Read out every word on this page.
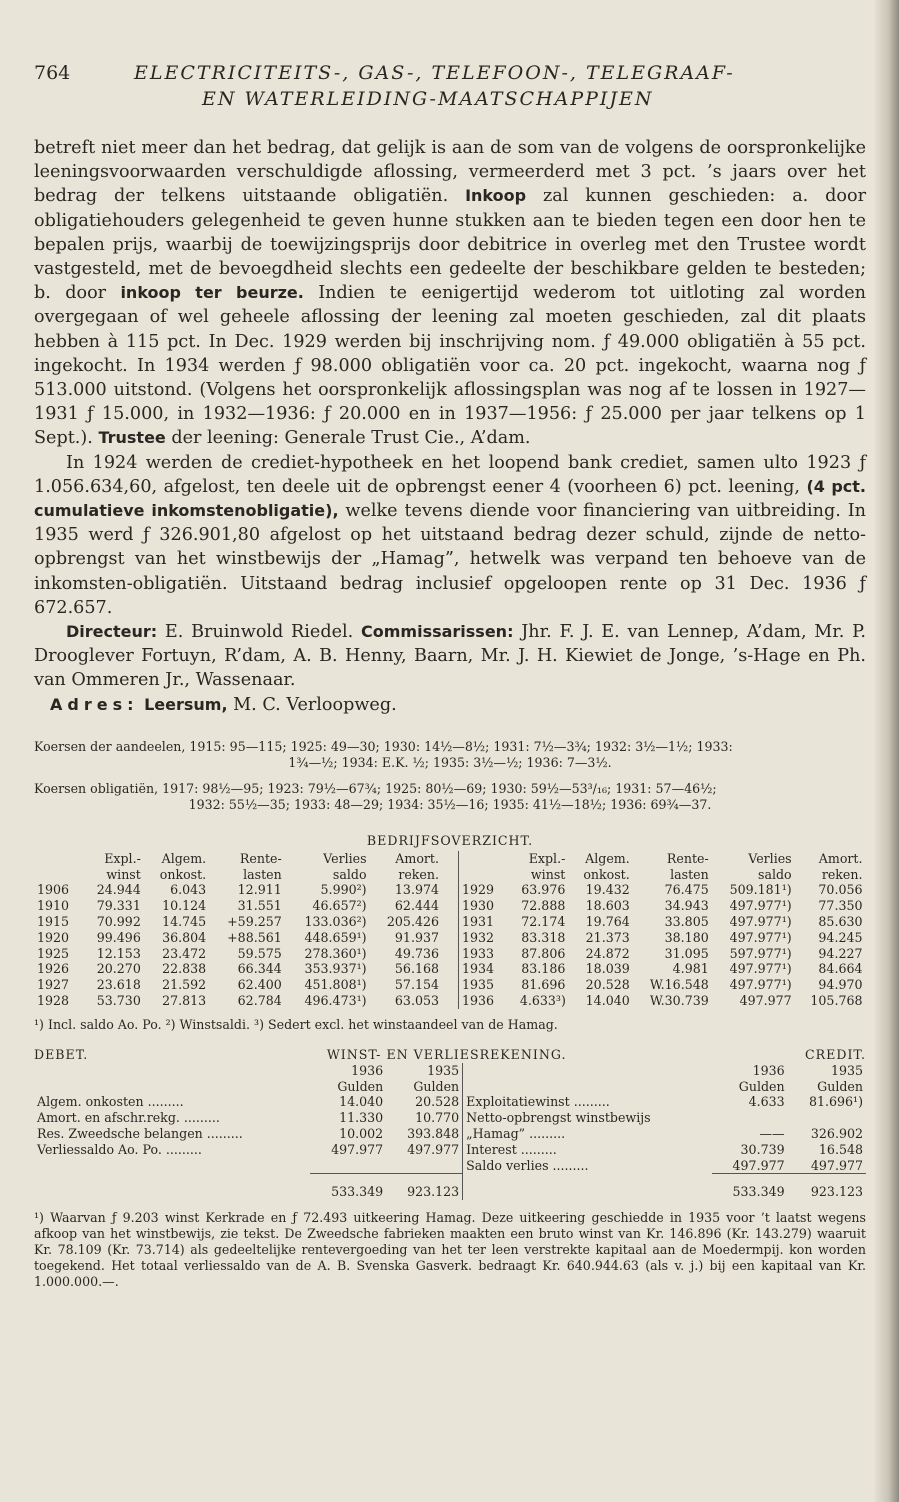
764	ELECTRICITEITS-, GAS-, TELEFOON-, TELEGRAAF-
EN WATERLEIDING-MAATSCHAPPIJEN

betreft niet meer dan het bedrag, dat gelijk is aan de som van de volgens de oorspronkelijke leeningsvoorwaarden verschuldigde aflossing, vermeerderd met 3 pct. ’s jaars over het bedrag der telkens uitstaande obligatiën. Inkoop zal kunnen geschieden: a. door obligatiehouders gelegenheid te geven hunne stukken aan te bieden tegen een door hen te bepalen prijs, waarbij de toewijzingsprijs door debitrice in overleg met den Trustee wordt vastgesteld, met de bevoegdheid slechts een gedeelte der beschikbare gelden te besteden; b. door inkoop ter beurze. Indien te eenigertijd wederom tot uitloting zal worden overgegaan of wel geheele aflossing der leening zal moeten geschieden, zal dit plaats hebben à 115 pct. In Dec. 1929 werden bij inschrijving nom. ƒ 49.000 obligatiën à 55 pct. ingekocht. In 1934 werden ƒ 98.000 obligatiën voor ca. 20 pct. ingekocht, waarna nog ƒ 513.000 uitstond. (Volgens het oorspronkelijk aflossingsplan was nog af te lossen in 1927—1931 ƒ 15.000, in 1932—1936: ƒ 20.000 en in 1937—1956: ƒ 25.000 per jaar telkens op 1 Sept.). Trustee der leening: Generale Trust Cie., A’dam.

In 1924 werden de crediet-hypotheek en het loopend bank crediet, samen ulto 1923 ƒ 1.056.634,60, afgelost, ten deele uit de opbrengst eener 4 (voorheen 6) pct. leening, (4 pct. cumulatieve inkomstenobligatie), welke tevens diende voor financiering van uitbreiding. In 1935 werd ƒ 326.901,80 afgelost op het uitstaand bedrag dezer schuld, zijnde de netto-opbrengst van het winstbewijs der „Hamag”, hetwelk was verpand ten behoeve van de inkomsten-obligatiën. Uitstaand bedrag inclusief opgeloopen rente op 31 Dec. 1936 ƒ 672.657.

Directeur: E. Bruinwold Riedel. Commissarissen: Jhr. F. J. E. van Lennep, A’dam, Mr. P. Drooglever Fortuyn, R’dam, A. B. Henny, Baarn, Mr. J. H. Kiewiet de Jonge, ’s-Hage en Ph. van Ommeren Jr., Wassenaar.

Adres: Leersum, M. C. Verloopweg.

Koersen der aandeelen, 1915: 95—115; 1925: 49—30; 1930: 14½—8½; 1931: 7½—3¾; 1932: 3½—1½; 1933:
1¾—½; 1934: E.K. ½; 1935: 3½—½; 1936: 7—3½.

Koersen obligatiën, 1917: 98½—95; 1923: 79½—67¾; 1925: 80½—69; 1930: 59½—53³/₁₆; 1931: 57—46½;
1932: 55½—35; 1933: 48—29; 1934: 35½—16; 1935: 41½—18½; 1936: 69¾—37.

BEDRIJFSOVERZICHT.
	Expl.-	Algem.	Rente-	Verlies	Amort.
	winst	onkost.	lasten	saldo	reken.
1906	24.944	6.043	12.911	5.990²)	13.974
1910	79.331	10.124	31.551	46.657²)	62.444
1915	70.992	14.745	+59.257	133.036²)	205.426
1920	99.496	36.804	+88.561	448.659¹)	91.937
1925	12.153	23.472	59.575	278.360¹)	49.736
1926	20.270	22.838	66.344	353.937¹)	56.168
1927	23.618	21.592	62.400	451.808¹)	57.154
1928	53.730	27.813	62.784	496.473¹)	63.053
	Expl.-	Algem.	Rente-	Verlies	Amort.
	winst	onkost.	lasten	saldo	reken.
1929	63.976	19.432	76.475	509.181¹)	70.056
1930	72.888	18.603	34.943	497.977¹)	77.350
1931	72.174	19.764	33.805	497.977¹)	85.630
1932	83.318	21.373	38.180	497.977¹)	94.245
1933	87.806	24.872	31.095	597.977¹)	94.227
1934	83.186	18.039	4.981	497.977¹)	84.664
1935	81.696	20.528	W.16.548	497.977¹)	94.970
1936	4.633³)	14.040	W.30.739	497.977	105.768
¹) Incl. saldo Ao. Po. ²) Winstsaldi. ³) Sedert excl. het winstaandeel van de Hamag.
DEBET.	WINST- EN VERLIESREKENING.	CREDIT.
	1936	1935		1936	1935
	Gulden	Gulden		Gulden	Gulden
Algem. onkosten .....	14.040	20.528	Exploitatiewinst .....	4.633	81.696¹)
Amort. en afschr.rekg. .....	11.330	10.770	Netto-opbrengst winstbewijs		
Res. Zweedsche belangen .....	10.002	393.848	„Hamag” .....	——	326.902
Verliessaldo Ao. Po. .....	497.977	497.977	Interest .....	30.739	16.548
			Saldo verlies .....	497.977	497.977
	533.349	923.123		533.349	923.123
¹) Waarvan ƒ 9.203 winst Kerkrade en ƒ 72.493 uitkeering Hamag. Deze uitkeering geschiedde in 1935 voor ’t laatst wegens afkoop van het winstbewijs, zie tekst. De Zweedsche fabrieken maakten een bruto winst van Kr. 146.896 (Kr. 143.279) waaruit Kr. 78.109 (Kr. 73.714) als gedeeltelijke rentevergoeding van het ter leen verstrekte kapitaal aan de Moedermpij. kon worden toegekend. Het totaal verliessaldo van de A. B. Svenska Gasverk. bedraagt Kr. 640.944.63 (als v. j.) bij een kapitaal van Kr. 1.000.000.—.
